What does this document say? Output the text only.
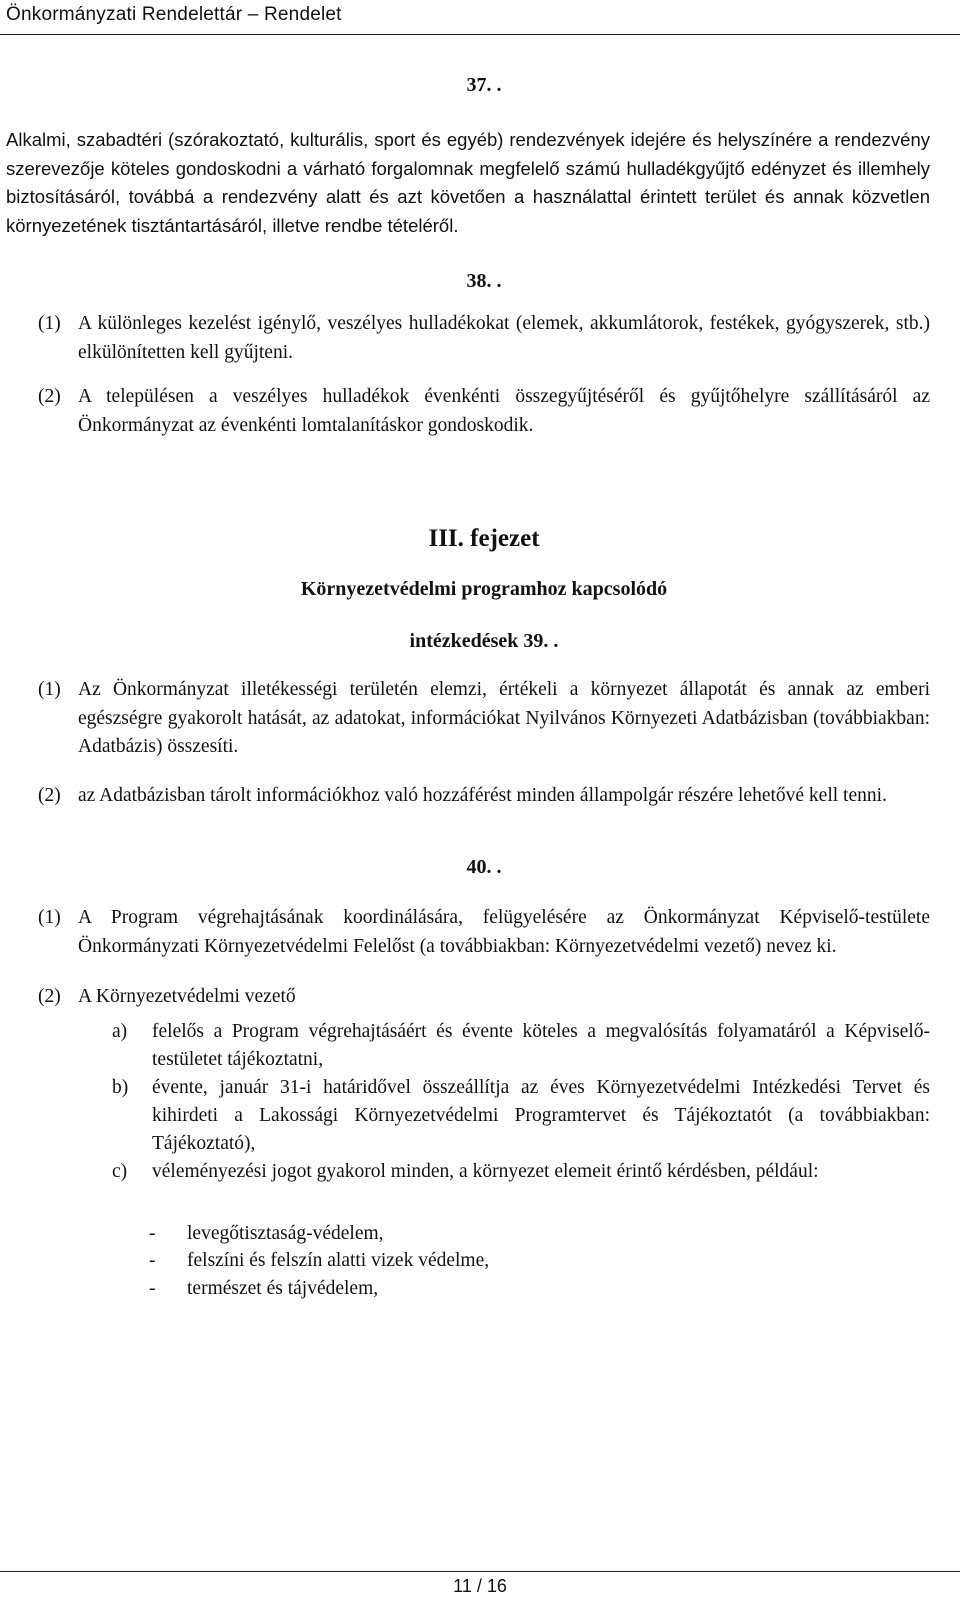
Önkormányzati Rendelettár – Rendelet

37. .

Alkalmi, szabadtéri (szórakoztató, kulturális, sport és egyéb) rendezvények idejére és helyszínére a rendezvény szerevezője köteles gondoskodni a várható forgalomnak megfelelő számú hulladékgyűjtő edényzet és illemhely biztosításáról, továbbá a rendezvény alatt és azt követően a használattal érintett terület és annak közvetlen környezetének tisztántartásáról, illetve rendbe tételéről.

38. .

(1) A különleges kezelést igénylő, veszélyes hulladékokat (elemek, akkumlátorok, festékek, gyógyszerek, stb.) elkülönítetten kell gyűjteni.
(2) A településen a veszélyes hulladékok évenkénti összegyűjtéséről és gyűjtőhelyre szállításáról az Önkormányzat az évenkénti lomtalanításkor gondoskodik.

III. fejezet

Környezetvédelmi programhoz kapcsolódó

intézkedések 39. .

(1) Az Önkormányzat illetékességi területén elemzi, értékeli a környezet állapotát és annak az emberi egészségre gyakorolt hatását, az adatokat, információkat Nyilvános Környezeti Adatbázisban (továbbiakban: Adatbázis) összesíti.
(2) az Adatbázisban tárolt információkhoz való hozzáférést minden állampolgár részére lehetővé kell tenni.

40. .

(1) A Program végrehajtásának koordinálására, felügyelésére az Önkormányzat Képviselő-testülete Önkormányzati Környezetvédelmi Felelőst (a továbbiakban: Környezetvédelmi vezető) nevez ki.
(2) A Környezetvédelmi vezető
a) felelős a Program végrehajtásáért és évente köteles a megvalósítás folyamatáról a Képviselő-testületet tájékoztatni,
b) évente, január 31-i határidővel összeállítja az éves Környezetvédelmi Intézkedési Tervet és kihirdeti a Lakossági Környezetvédelmi Programtervet és Tájékoztatót (a továbbiakban: Tájékoztató),
c) véleményezési jogot gyakorol minden, a környezet elemeit érintő kérdésben, például:
- levegőtisztaság-védelem,
- felszíni és felszín alatti vizek védelme,
- természet és tájvédelem,
11 / 16
